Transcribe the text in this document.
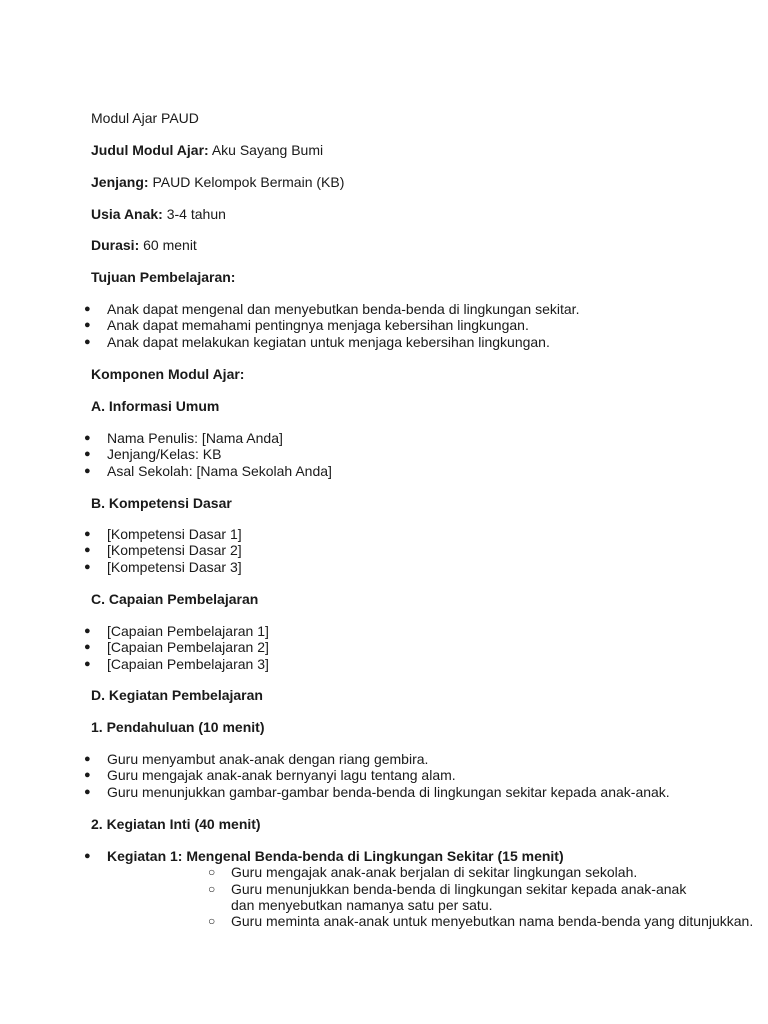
Modul Ajar PAUD

Judul Modul Ajar: Aku Sayang Bumi

Jenjang: PAUD Kelompok Bermain (KB)

Usia Anak: 3-4 tahun

Durasi: 60 menit

Tujuan Pembelajaran:

● Anak dapat mengenal dan menyebutkan benda-benda di lingkungan sekitar.
● Anak dapat memahami pentingnya menjaga kebersihan lingkungan.
● Anak dapat melakukan kegiatan untuk menjaga kebersihan lingkungan.

Komponen Modul Ajar:

A. Informasi Umum

● Nama Penulis: [Nama Anda]
● Jenjang/Kelas: KB
● Asal Sekolah: [Nama Sekolah Anda]

B. Kompetensi Dasar

● [Kompetensi Dasar 1]
● [Kompetensi Dasar 2]
● [Kompetensi Dasar 3]

C. Capaian Pembelajaran

● [Capaian Pembelajaran 1]
● [Capaian Pembelajaran 2]
● [Capaian Pembelajaran 3]

D. Kegiatan Pembelajaran

1. Pendahuluan (10 menit)

● Guru menyambut anak-anak dengan riang gembira.
● Guru mengajak anak-anak bernyanyi lagu tentang alam.
● Guru menunjukkan gambar-gambar benda-benda di lingkungan sekitar kepada anak-anak.

2. Kegiatan Inti (40 menit)

● Kegiatan 1: Mengenal Benda-benda di Lingkungan Sekitar (15 menit)
○ Guru mengajak anak-anak berjalan di sekitar lingkungan sekolah.
○ Guru menunjukkan benda-benda di lingkungan sekitar kepada anak-anak dan menyebutkan namanya satu per satu.
○ Guru meminta anak-anak untuk menyebutkan nama benda-benda yang ditunjukkan.
